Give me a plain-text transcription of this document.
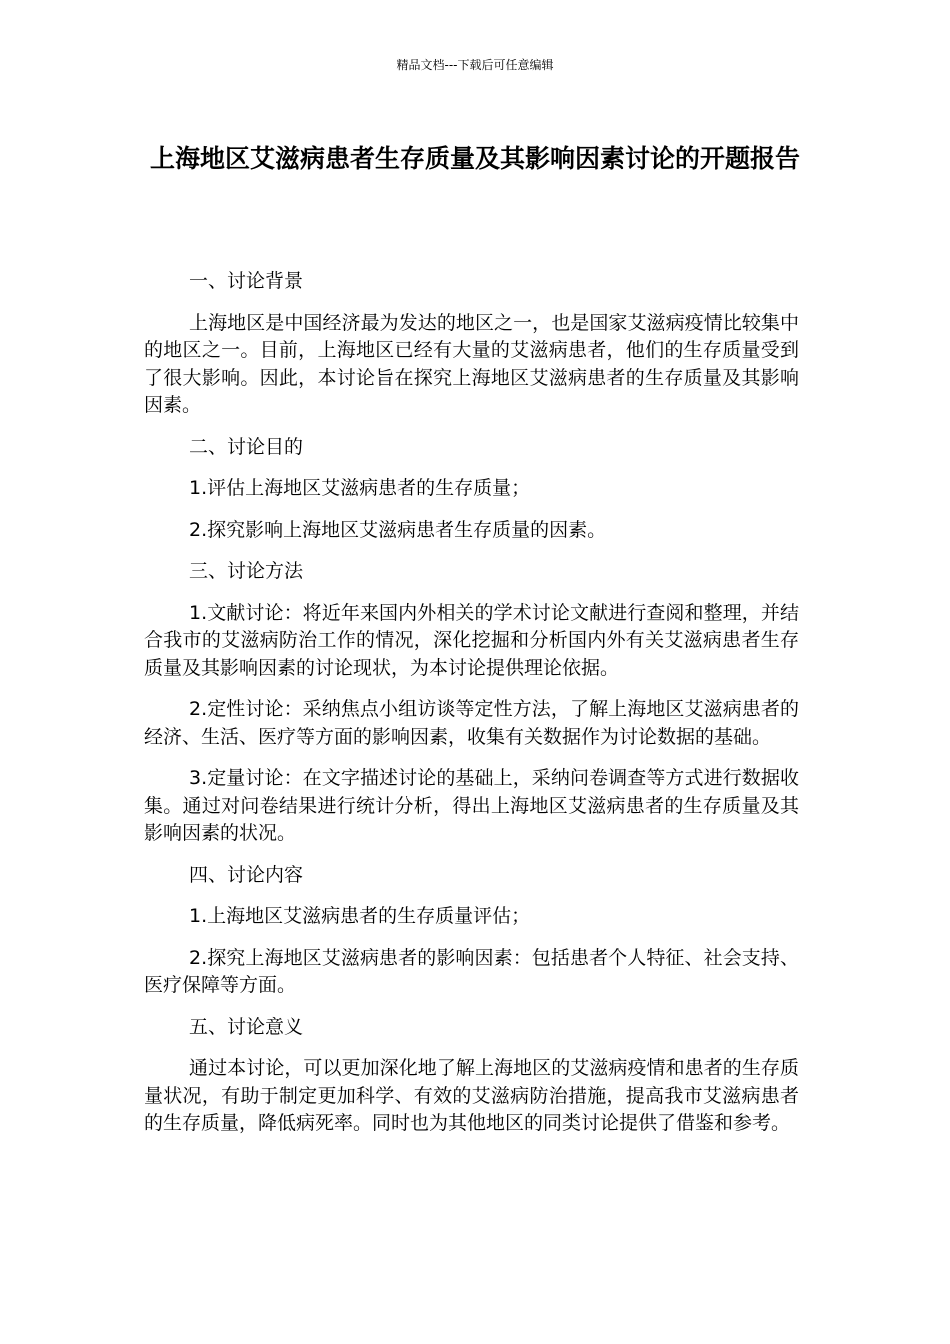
精品文档---下载后可任意编辑
上海地区艾滋病患者生存质量及其影响因素讨论的开题报告

一、讨论背景

上海地区是中国经济最为发达的地区之一，也是国家艾滋病疫情比较集中的地区之一。目前，上海地区已经有大量的艾滋病患者，他们的生存质量受到了很大影响。因此，本讨论旨在探究上海地区艾滋病患者的生存质量及其影响因素。

二、讨论目的

1.评估上海地区艾滋病患者的生存质量；

2.探究影响上海地区艾滋病患者生存质量的因素。

三、讨论方法

1.文献讨论：将近年来国内外相关的学术讨论文献进行查阅和整理，并结合我市的艾滋病防治工作的情况，深化挖掘和分析国内外有关艾滋病患者生存质量及其影响因素的讨论现状，为本讨论提供理论依据。

2.定性讨论：采纳焦点小组访谈等定性方法，了解上海地区艾滋病患者的经济、生活、医疗等方面的影响因素，收集有关数据作为讨论数据的基础。

3.定量讨论：在文字描述讨论的基础上，采纳问卷调查等方式进行数据收集。通过对问卷结果进行统计分析，得出上海地区艾滋病患者的生存质量及其影响因素的状况。

四、讨论内容

1.上海地区艾滋病患者的生存质量评估；

2.探究上海地区艾滋病患者的影响因素：包括患者个人特征、社会支持、医疗保障等方面。

五、讨论意义

通过本讨论，可以更加深化地了解上海地区的艾滋病疫情和患者的生存质量状况，有助于制定更加科学、有效的艾滋病防治措施，提高我市艾滋病患者的生存质量，降低病死率。同时也为其他地区的同类讨论提供了借鉴和参考。
